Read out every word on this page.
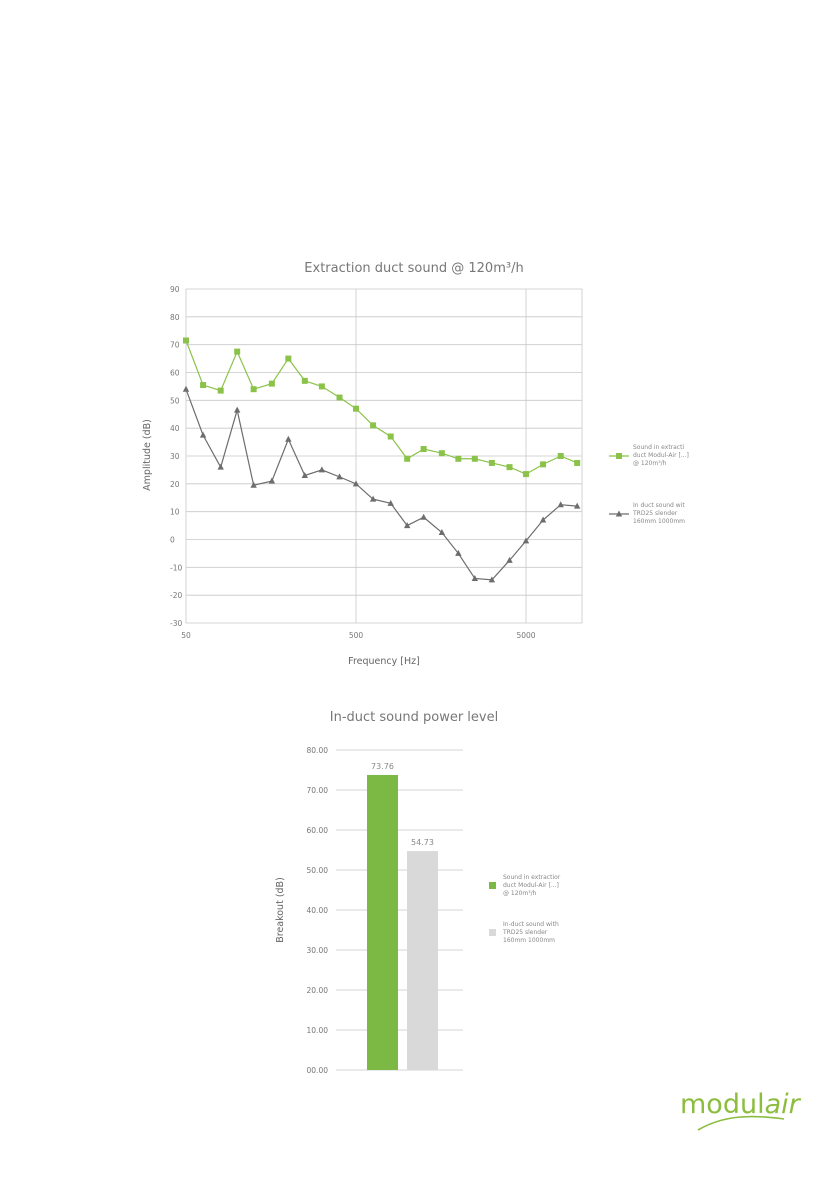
Extraction duct sound @ 120m³/h
90
80
70
60
50
40
30
20
10
0
-10
-20
-30
50	500	5000
Frequency [Hz]
Amplitude (dB)	Sound in extracti
duct Modul-Air [...]
@ 120m³/h
In duct sound wit
TRD25 slender
160mm 1000mm
In-duct sound power level
80.00
70.00
60.00
50.00
40.00
30.00
20.00
10.00
00.00
Breakout (dB)
73.76
54.73
Sound in extractior
duct Modul-Air [...]
@ 120m³/h
In-duct sound with
TRD25 slender
160mm 1000mm
modulair
